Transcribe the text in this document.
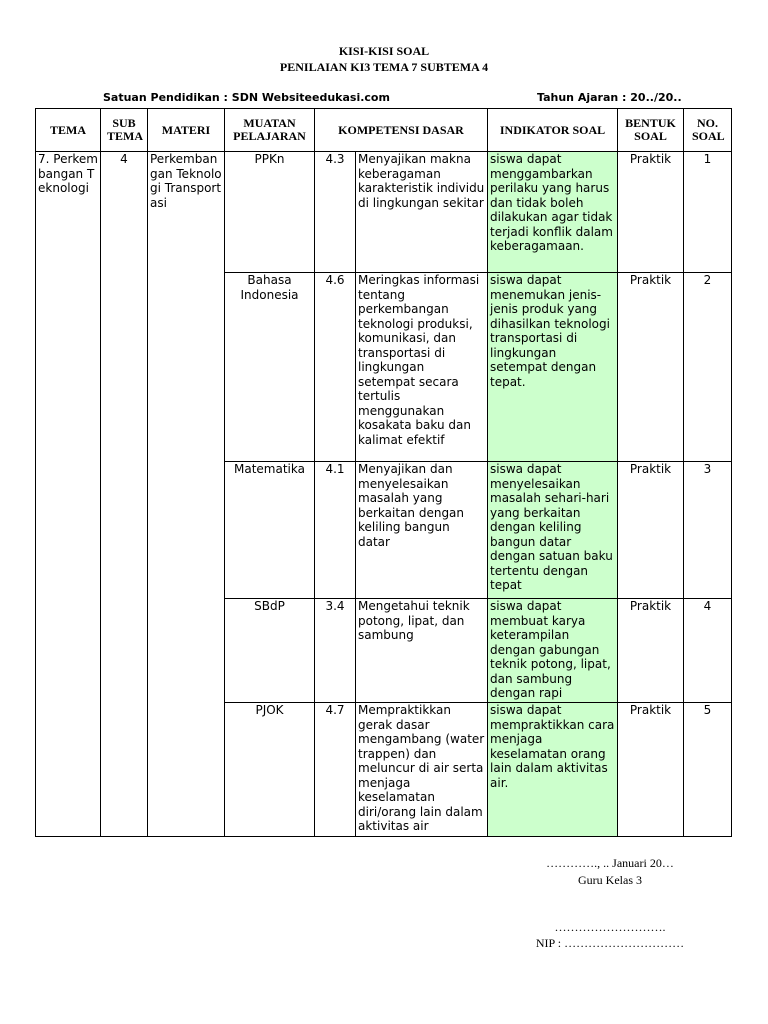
KISI-KISI SOAL
PENILAIAN KI3 TEMA 7 SUBTEMA 4
Satuan Pendidikan : SDN Websiteedukasi.com	Tahun Ajaran : 20../20..
TEMA	SUB TEMA	MATERI	MUATAN PELAJARAN	KOMPETENSI DASAR		INDIKATOR SOAL	BENTUK SOAL	NO. SOAL
7. Perkembangan Teknologi	4	Perkembangan Teknologi Transportasi	PPKn	4.3	Menyajikan makna keberagaman karakteristik individu di lingkungan sekitar	siswa dapat menggambarkan perilaku yang harus dan tidak boleh dilakukan agar tidak terjadi konflik dalam keberagamaan.	Praktik	1
			Bahasa Indonesia	4.6	Meringkas informasi tentang perkembangan teknologi produksi, komunikasi, dan transportasi di lingkungan setempat secara tertulis menggunakan kosakata baku dan kalimat efektif	siswa dapat menemukan jenis-jenis produk yang dihasilkan teknologi transportasi di lingkungan setempat dengan tepat.	Praktik	2
			Matematika	4.1	Menyajikan dan menyelesaikan masalah yang berkaitan dengan keliling bangun datar	siswa dapat menyelesaikan masalah sehari-hari yang berkaitan dengan keliling bangun datar dengan satuan baku tertentu dengan tepat	Praktik	3
			SBdP	3.4	Mengetahui teknik potong, lipat, dan sambung	siswa dapat membuat karya keterampilan dengan gabungan teknik potong, lipat, dan sambung dengan rapi	Praktik	4
			PJOK	4.7	Mempraktikkan gerak dasar mengambang (water trappen) dan meluncur di air serta menjaga keselamatan diri/orang lain dalam aktivitas air	siswa dapat mempraktikkan cara menjaga keselamatan orang lain dalam aktivitas air.	Praktik	5
…………., .. Januari 20…
Guru Kelas 3
……………………….
NIP : …………………………
